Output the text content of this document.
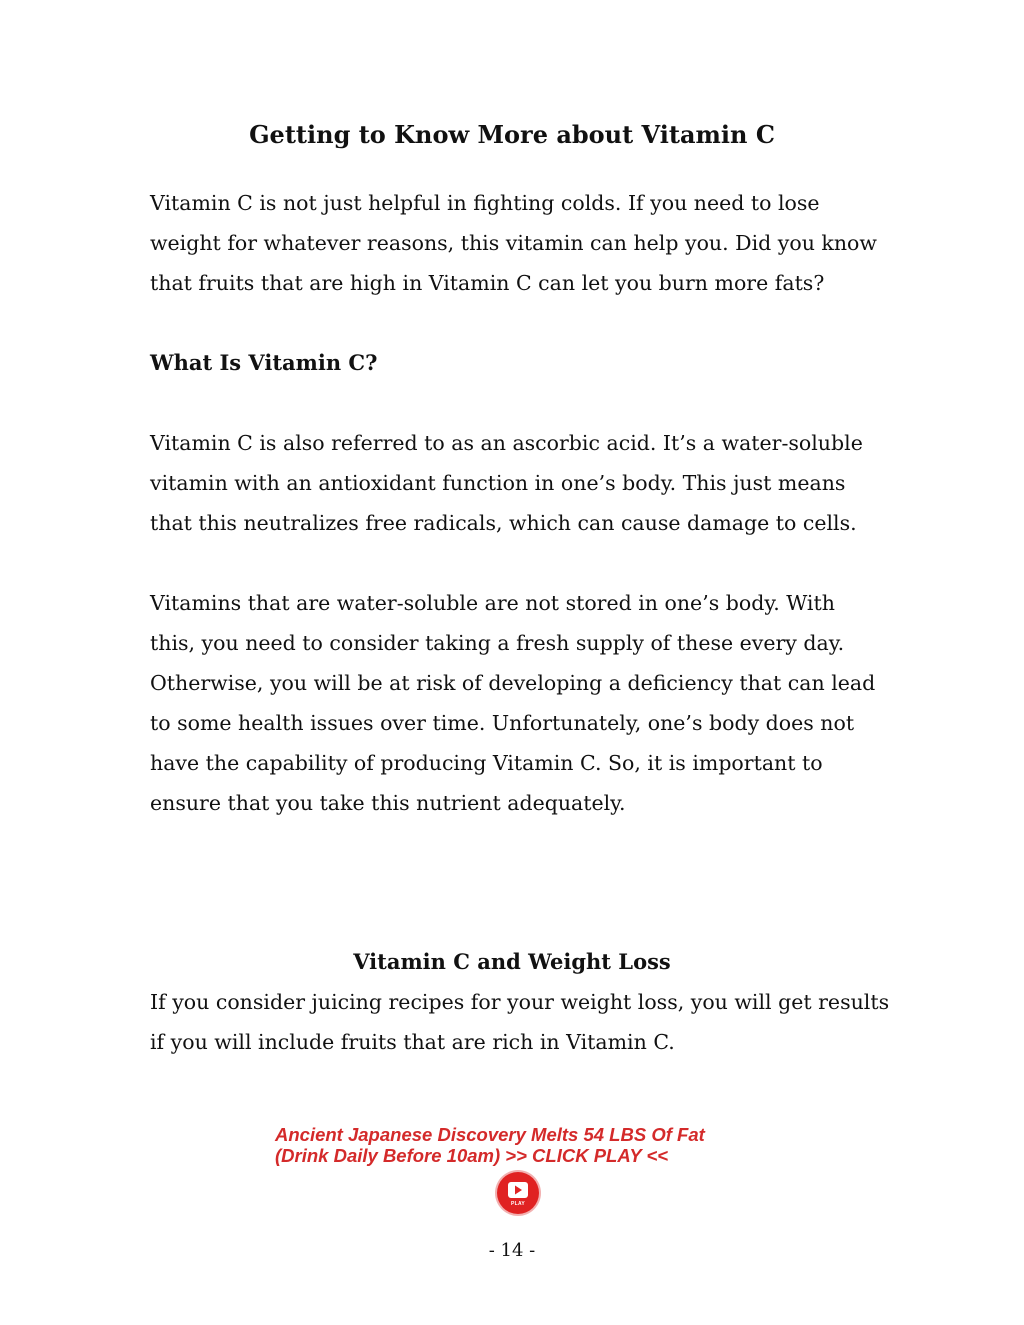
Getting to Know More about Vitamin C

Vitamin C is not just helpful in fighting colds. If you need to lose
weight for whatever reasons, this vitamin can help you. Did you know
that fruits that are high in Vitamin C can let you burn more fats?

What Is Vitamin C?

Vitamin C is also referred to as an ascorbic acid. It’s a water-soluble
vitamin with an antioxidant function in one’s body. This just means
that this neutralizes free radicals, which can cause damage to cells.

Vitamins that are water-soluble are not stored in one’s body. With
this, you need to consider taking a fresh supply of these every day.
Otherwise, you will be at risk of developing a deficiency that can lead
to some health issues over time. Unfortunately, one’s body does not
have the capability of producing Vitamin C. So, it is important to
ensure that you take this nutrient adequately.

Vitamin C and Weight Loss

If you consider juicing recipes for your weight loss, you will get results
if you will include fruits that are rich in Vitamin C.

Ancient Japanese Discovery Melts 54 LBS Of Fat
(Drink Daily Before 10am) >> CLICK PLAY <<
PLAY
- 14 -
